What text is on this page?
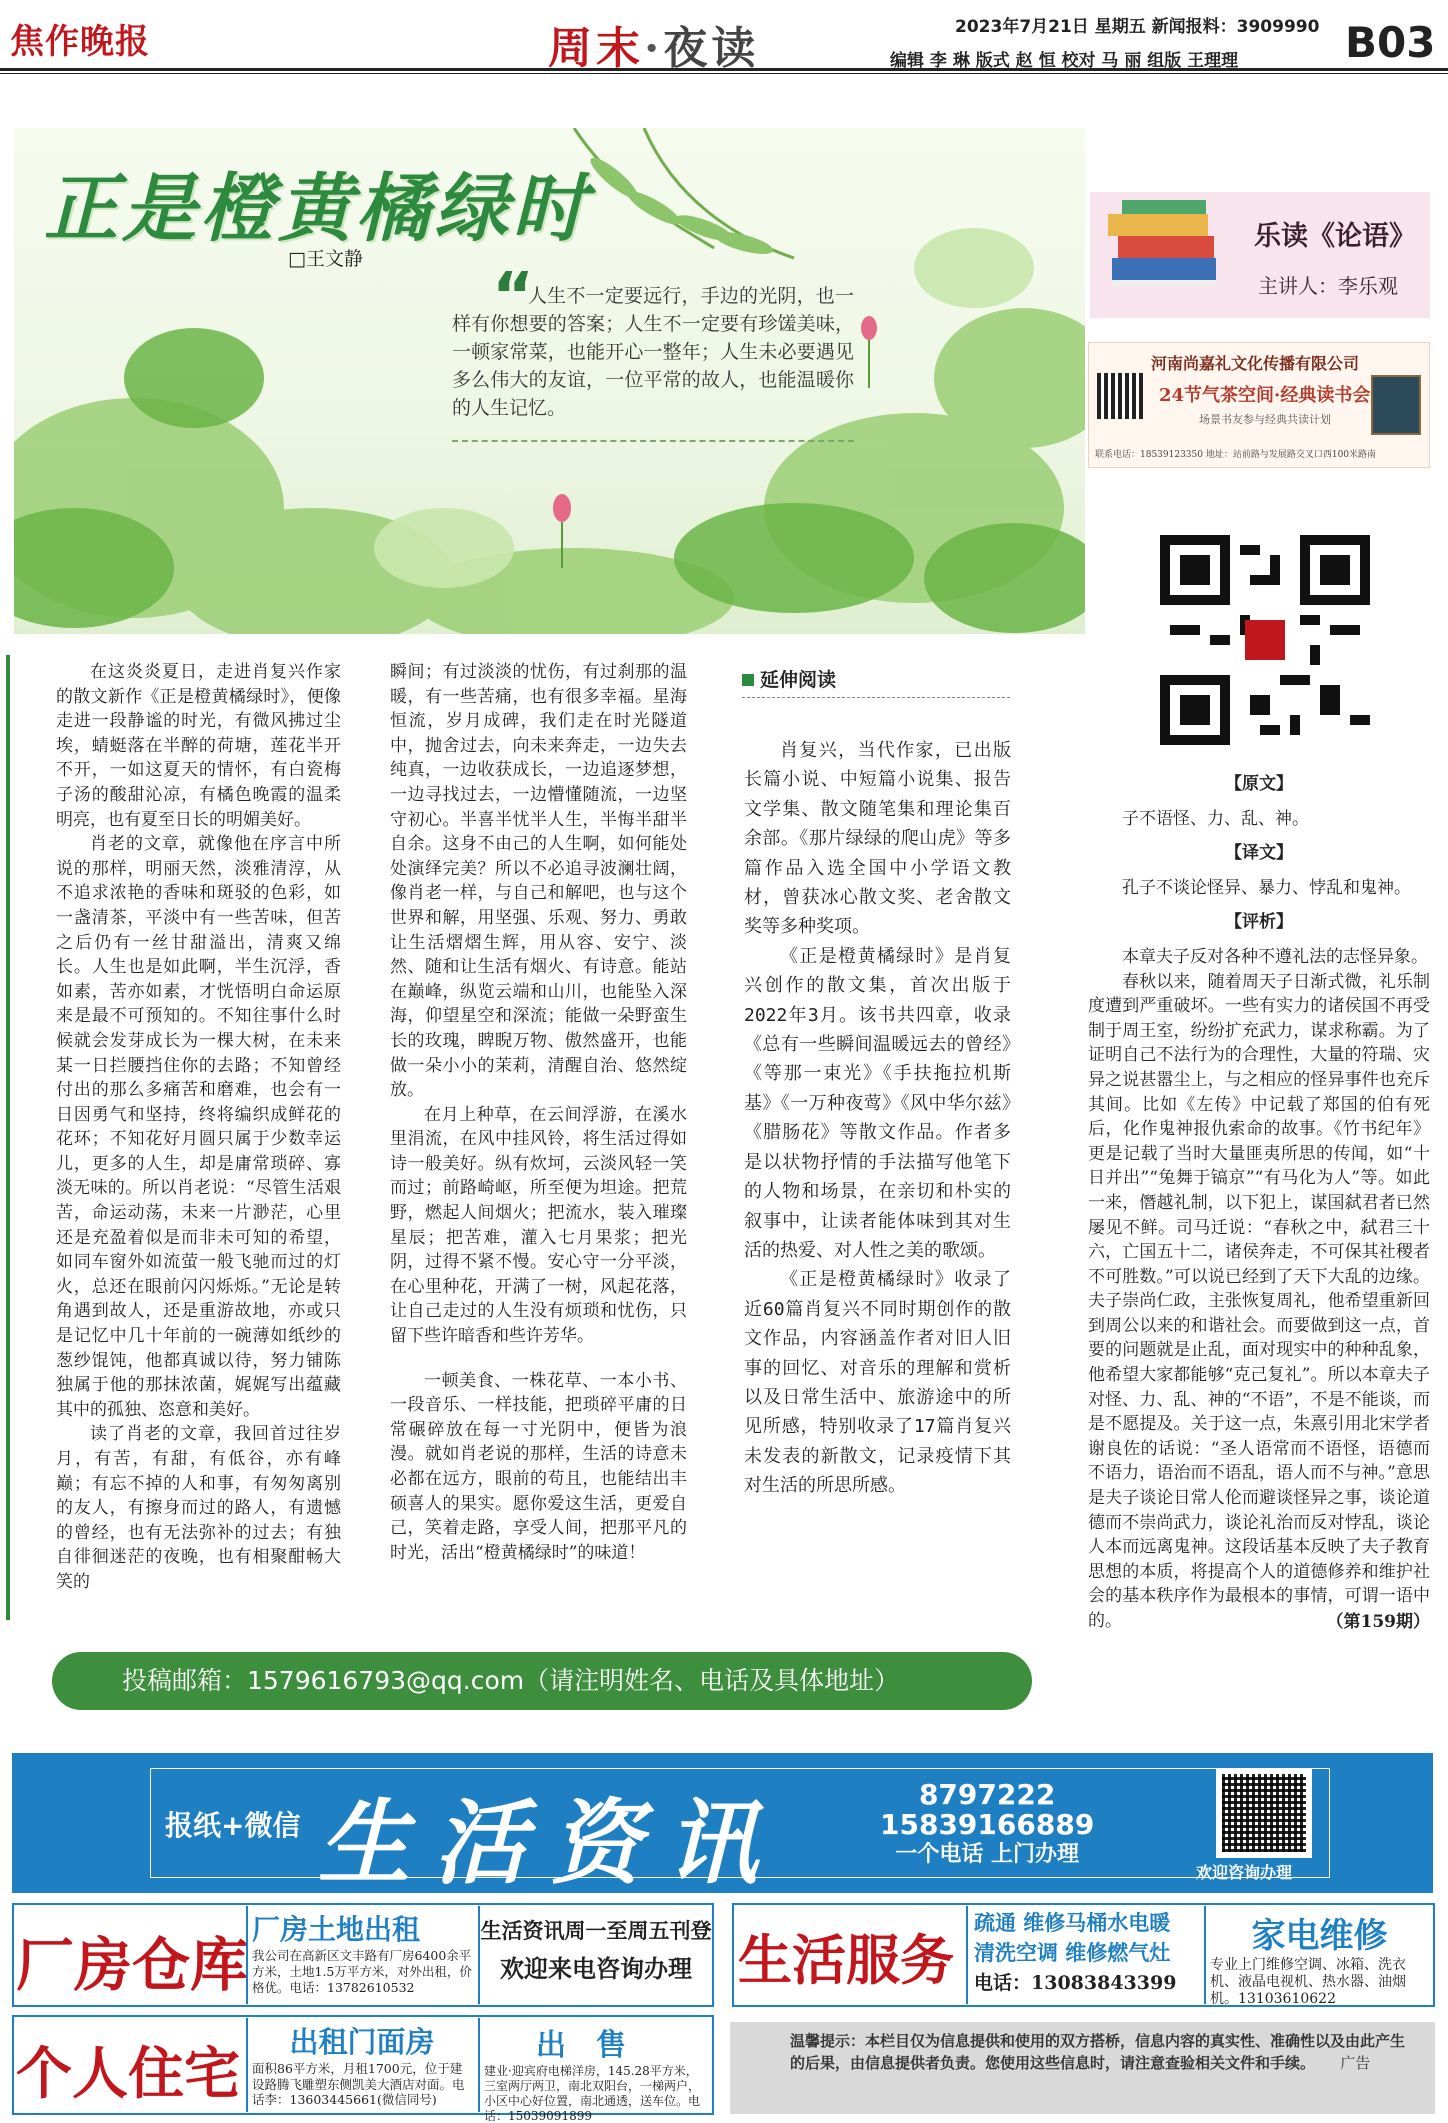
焦作晚报	周末·夜读	2023年7月21日 星期五 新闻报料：3909990
编辑 李 琳 版式 赵 恒 校对 马 丽 组版 王理理	B03
正是橙黄橘绿时
□王文静
“
人生不一定要远行，手边的光阴，也一样有你想要的答案；人生不一定要有珍馐美味，一顿家常菜，也能开心一整年；人生未必要遇见多么伟大的友谊，一位平常的故人，也能温暖你的人生记忆。

在这炎炎夏日，走进肖复兴作家的散文新作《正是橙黄橘绿时》，便像走进一段静谧的时光，有微风拂过尘埃，蜻蜓落在半醉的荷塘，莲花半开不开，一如这夏天的情怀，有白瓷梅子汤的酸甜沁凉，有橘色晚霞的温柔明亮，也有夏至日长的明媚美好。

肖老的文章，就像他在序言中所说的那样，明丽天然，淡雅清淳，从不追求浓艳的香味和斑驳的色彩，如一盏清茶，平淡中有一些苦味，但苦之后仍有一丝甘甜溢出，清爽又绵长。人生也是如此啊，半生沉浮，香如素，苦亦如素，才恍悟明白命运原来是最不可预知的。不知往事什么时候就会发芽成长为一棵大树，在未来某一日拦腰挡住你的去路；不知曾经付出的那么多痛苦和磨难，也会有一日因勇气和坚持，终将编织成鲜花的花环；不知花好月圆只属于少数幸运儿，更多的人生，却是庸常琐碎、寡淡无味的。所以肖老说：“尽管生活艰苦，命运动荡，未来一片渺茫，心里还是充盈着似是而非未可知的希望，如同车窗外如流萤一般飞驰而过的灯火，总还在眼前闪闪烁烁。”无论是转角遇到故人，还是重游故地，亦或只是记忆中几十年前的一碗薄如纸纱的葱纱馄饨，他都真诚以待，努力铺陈独属于他的那抹浓菌，娓娓写出蕴藏其中的孤独、恣意和美好。

读了肖老的文章，我回首过往岁月，有苦，有甜，有低谷，亦有峰巅；有忘不掉的人和事，有匆匆离别的友人，有擦身而过的路人，有遗憾的曾经，也有无法弥补的过去；有独自徘徊迷茫的夜晚，也有相聚酣畅大笑的

瞬间；有过淡淡的忧伤，有过刹那的温暖，有一些苦痛，也有很多幸福。星海恒流，岁月成碑，我们走在时光隧道中，抛舍过去，向未来奔走，一边失去纯真，一边收获成长，一边追逐梦想，一边寻找过去，一边懵懂随流，一边坚守初心。半喜半忧半人生，半悔半甜半自余。这身不由己的人生啊，如何能处处演绎完美？所以不必追寻波澜壮阔，像肖老一样，与自己和解吧，也与这个世界和解，用坚强、乐观、努力、勇敢让生活熠熠生辉，用从容、安宁、淡然、随和让生活有烟火、有诗意。能站在巅峰，纵览云端和山川，也能坠入深海，仰望星空和深流；能做一朵野蛮生长的玫瑰，睥睨万物、傲然盛开，也能做一朵小小的茉莉，清醒自治、悠然绽放。

在月上种草，在云间浮游，在溪水里涓流，在风中挂风铃，将生活过得如诗一般美好。纵有炊坷，云淡风轻一笑而过；前路崎岖，所至便为坦途。把荒野，燃起人间烟火；把流水，装入璀璨星辰；把苦难，灌入七月果浆；把光阴，过得不紧不慢。安心守一分平淡，在心里种花，开满了一树，风起花落，让自己走过的人生没有烦琐和忧伤，只留下些许暗香和些许芳华。

一顿美食、一株花草、一本小书、一段音乐、一样技能，把琐碎平庸的日常碾碎放在每一寸光阴中，便皆为浪漫。就如肖老说的那样，生活的诗意未必都在远方，眼前的苟且，也能结出丰硕喜人的果实。愿你爱这生活，更爱自己，笑着走路，享受人间，把那平凡的时光，活出“橙黄橘绿时”的味道！

延伸阅读

肖复兴，当代作家，已出版长篇小说、中短篇小说集、报告文学集、散文随笔集和理论集百余部。《那片绿绿的爬山虎》等多篇作品入选全国中小学语文教材，曾获冰心散文奖、老舍散文奖等多种奖项。

《正是橙黄橘绿时》是肖复兴创作的散文集，首次出版于2022年3月。该书共四章，收录《总有一些瞬间温暖远去的曾经》《等那一束光》《手扶拖拉机斯基》《一万种夜莺》《风中华尔兹》《腊肠花》等散文作品。作者多是以状物抒情的手法描写他笔下的人物和场景，在亲切和朴实的叙事中，让读者能体味到其对生活的热爱、对人性之美的歌颂。

《正是橙黄橘绿时》收录了近60篇肖复兴不同时期创作的散文作品，内容涵盖作者对旧人旧事的回忆、对音乐的理解和赏析以及日常生活中、旅游途中的所见所感，特别收录了17篇肖复兴未发表的新散文，记录疫情下其对生活的所思所感。

投稿邮箱：1579616793@qq.com（请注明姓名、电话及具体地址）
乐读《论语》
主讲人：李乐观
河南尚嘉礼文化传播有限公司
24节气茶空间·经典读书会
场景书友参与经典共读计划
联系电话：18539123350 地址：站前路与发展路交叉口西100米路南
【原文】

子不语怪、力、乱、神。

【译文】

孔子不谈论怪异、暴力、悖乱和鬼神。

【评析】

本章夫子反对各种不遵礼法的志怪异象。

春秋以来，随着周天子日渐式微，礼乐制度遭到严重破坏。一些有实力的诸侯国不再受制于周王室，纷纷扩充武力，谋求称霸。为了证明自己不法行为的合理性，大量的符瑞、灾异之说甚嚣尘上，与之相应的怪异事件也充斥其间。比如《左传》中记载了郑国的伯有死后，化作鬼神报仇索命的故事。《竹书纪年》更是记载了当时大量匪夷所思的传闻，如“十日并出”“兔舞于镐京”“有马化为人”等。如此一来，僭越礼制，以下犯上，谋国弑君者已然屡见不鲜。司马迁说：“春秋之中，弑君三十六，亡国五十二，诸侯奔走，不可保其社稷者不可胜数。”可以说已经到了天下大乱的边缘。夫子崇尚仁政，主张恢复周礼，他希望重新回到周公以来的和谐社会。而要做到这一点，首要的问题就是止乱，面对现实中的种种乱象，他希望大家都能够“克己复礼”。所以本章夫子对怪、力、乱、神的“不语”，不是不能谈，而是不愿提及。关于这一点，朱熹引用北宋学者谢良佐的话说：“圣人语常而不语怪，语德而不语力，语治而不语乱，语人而不与神。”意思是夫子谈论日常人伦而避谈怪异之事，谈论道德而不崇尚武力，谈论礼治而反对悖乱，谈论人本而远离鬼神。这段话基本反映了夫子教育思想的本质，将提高个人的道德修养和维护社会的基本秩序作为最根本的事情，可谓一语中的。	（第159期）
报纸+微信 生活资讯	8797222
15839166889
一个电话 上门办理
欢迎咨询办理
厂房仓库
厂房土地出租
我公司在高新区文丰路有厂房6400余平方米，土地1.5万平方米，对外出租，价格优。电话：13782610532
生活资讯周一至周五刊登
欢迎来电咨询办理 生活服务
疏通 维修马桶水电暖
清洗空调 维修燃气灶
电话：13083843399
家电维修
专业上门维修空调、冰箱、洗衣机、液晶电视机、热水器、油烟机。13103610622
个人住宅	出租门面房
面积86平方米，月租1700元，位于建设路腾飞雕塑东侧凯美大酒店对面。电话李：13603445661(微信同号)
出售
建业·迎宾府电梯洋房，145.28平方米，三室两厅两卫，南北双阳台，一梯两户，小区中心好位置，南北通透，送车位。电话：15039091899
温馨提示：本栏目仅为信息提供和使用的双方搭桥，信息内容的真实性、准确性以及由此产生的后果，由信息提供者负责。您使用这些信息时，请注意查验相关文件和手续。 广告
